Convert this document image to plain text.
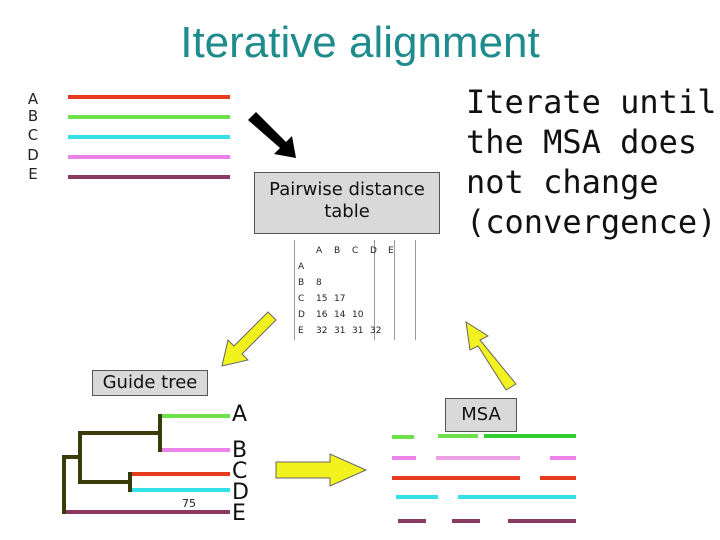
Iterative alignment
A
B
C
D
E
Pairwise distance table
	A	B	C	D	E
A					
B	8				
C	15	17			
D	16	14	10		
E	32	31	31	32	
Iterate until
the MSA does
not change
(convergence)
Guide tree
A
B
C
D
E
75
MSA
